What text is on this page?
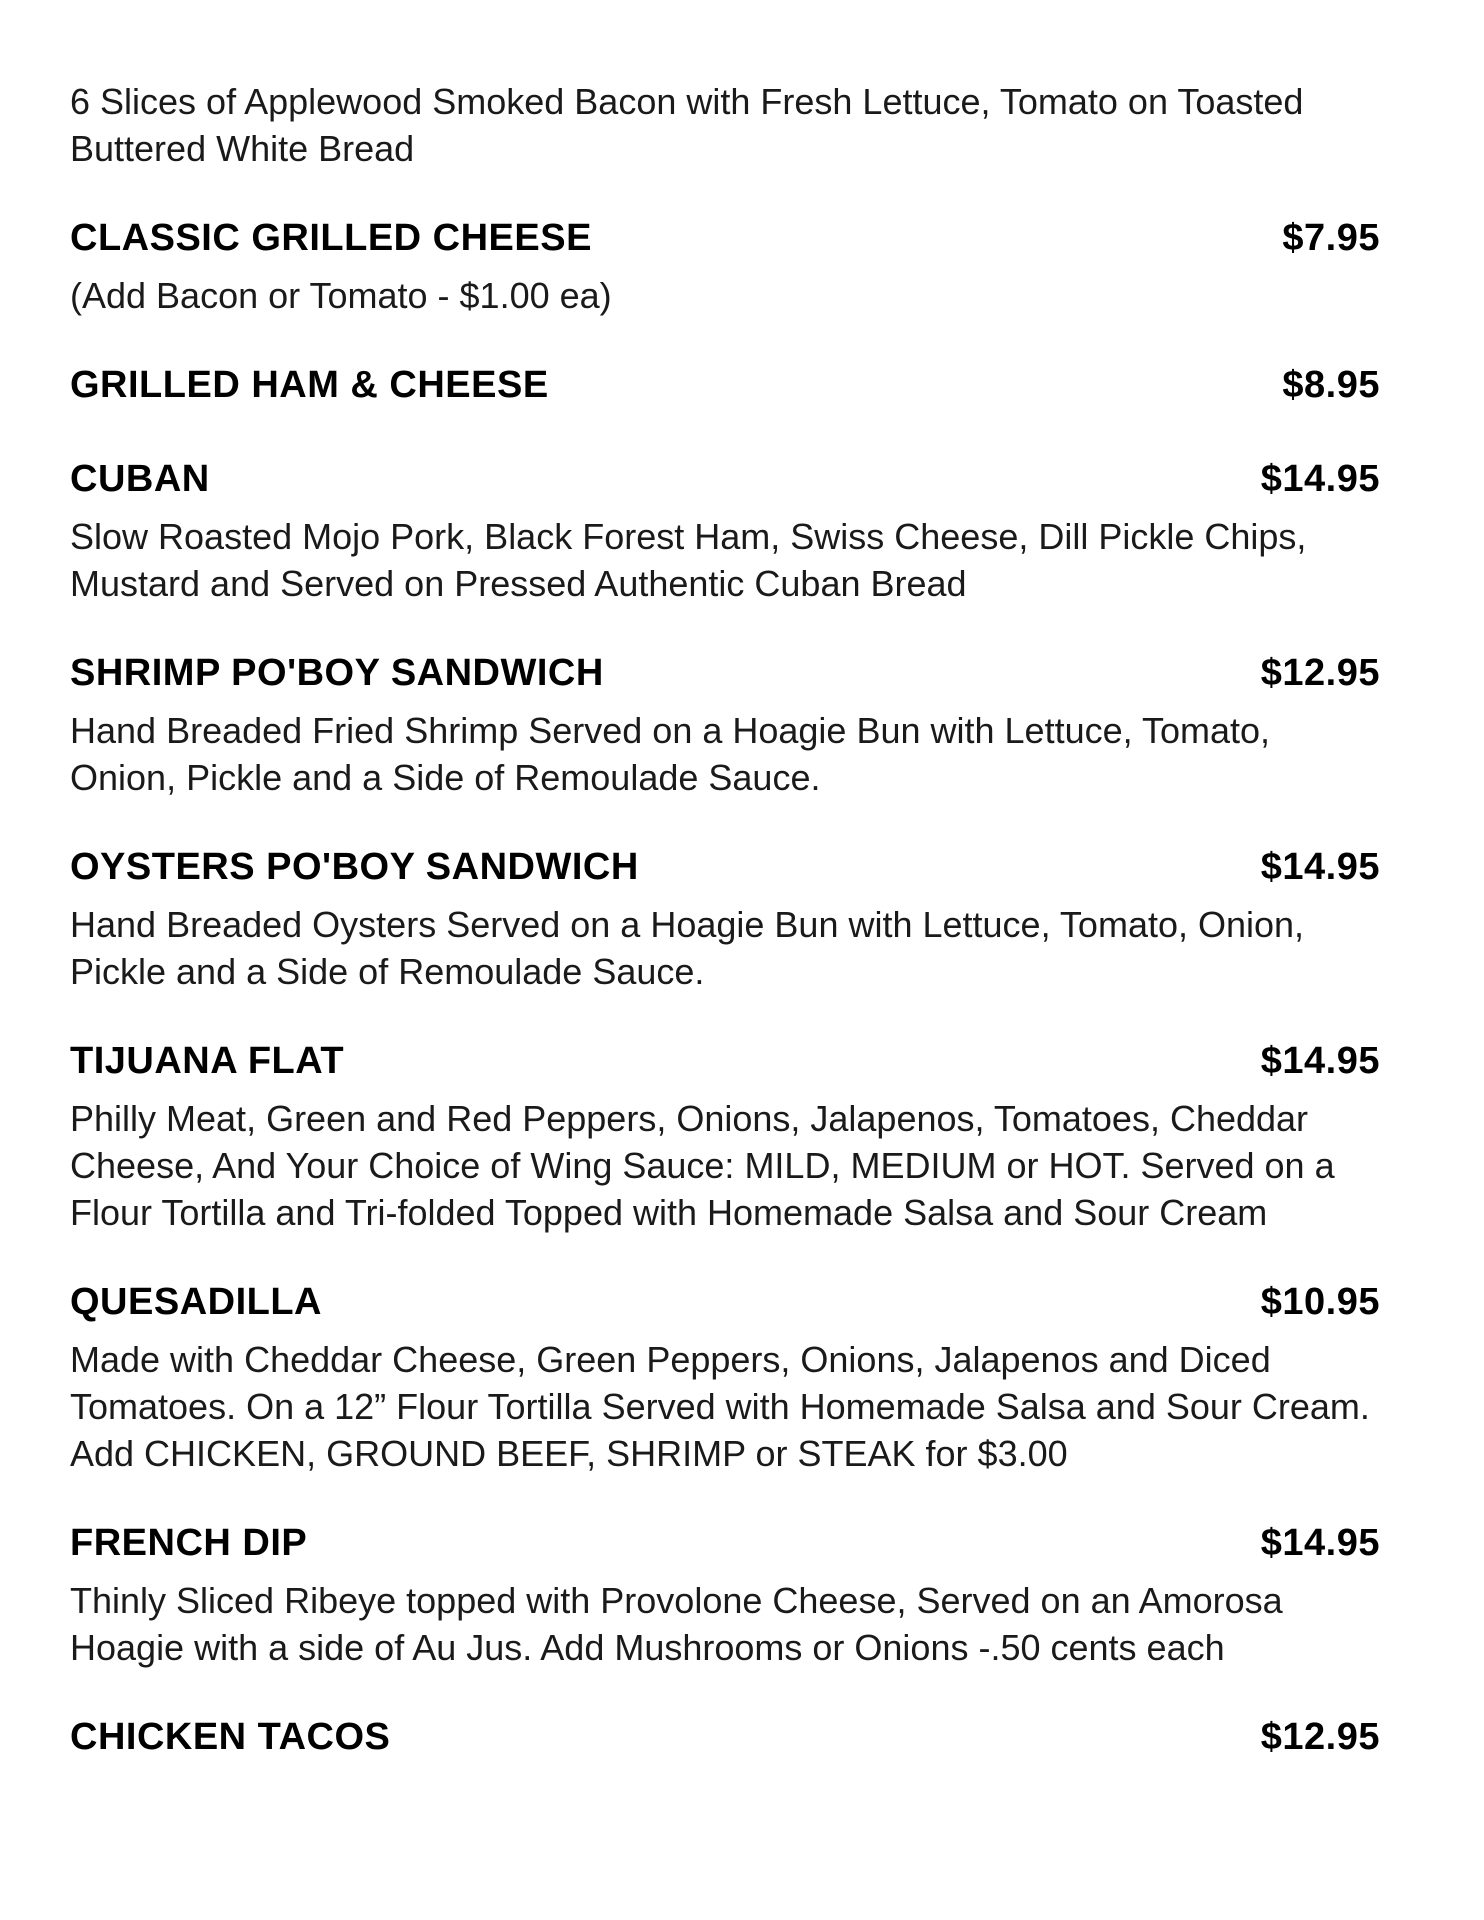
6 Slices of Applewood Smoked Bacon with Fresh Lettuce, Tomato on Toasted Buttered White Bread
CLASSIC GRILLED CHEESE	$7.95
(Add Bacon or Tomato - $1.00 ea)
GRILLED HAM & CHEESE	$8.95
CUBAN	$14.95
Slow Roasted Mojo Pork, Black Forest Ham, Swiss Cheese, Dill Pickle Chips, Mustard and Served on Pressed Authentic Cuban Bread
SHRIMP PO'BOY SANDWICH	$12.95
Hand Breaded Fried Shrimp Served on a Hoagie Bun with Lettuce, Tomato, Onion, Pickle and a Side of Remoulade Sauce.
OYSTERS PO'BOY SANDWICH	$14.95
Hand Breaded Oysters Served on a Hoagie Bun with Lettuce, Tomato, Onion, Pickle and a Side of Remoulade Sauce.
TIJUANA FLAT	$14.95
Philly Meat, Green and Red Peppers, Onions, Jalapenos, Tomatoes, Cheddar Cheese, And Your Choice of Wing Sauce: MILD, MEDIUM or HOT. Served on a Flour Tortilla and Tri-folded Topped with Homemade Salsa and Sour Cream
QUESADILLA	$10.95
Made with Cheddar Cheese, Green Peppers, Onions, Jalapenos and Diced Tomatoes. On a 12” Flour Tortilla Served with Homemade Salsa and Sour Cream. Add CHICKEN, GROUND BEEF, SHRIMP or STEAK for $3.00
FRENCH DIP	$14.95
Thinly Sliced Ribeye topped with Provolone Cheese, Served on an Amorosa Hoagie with a side of Au Jus. Add Mushrooms or Onions -.50 cents each
CHICKEN TACOS	$12.95
